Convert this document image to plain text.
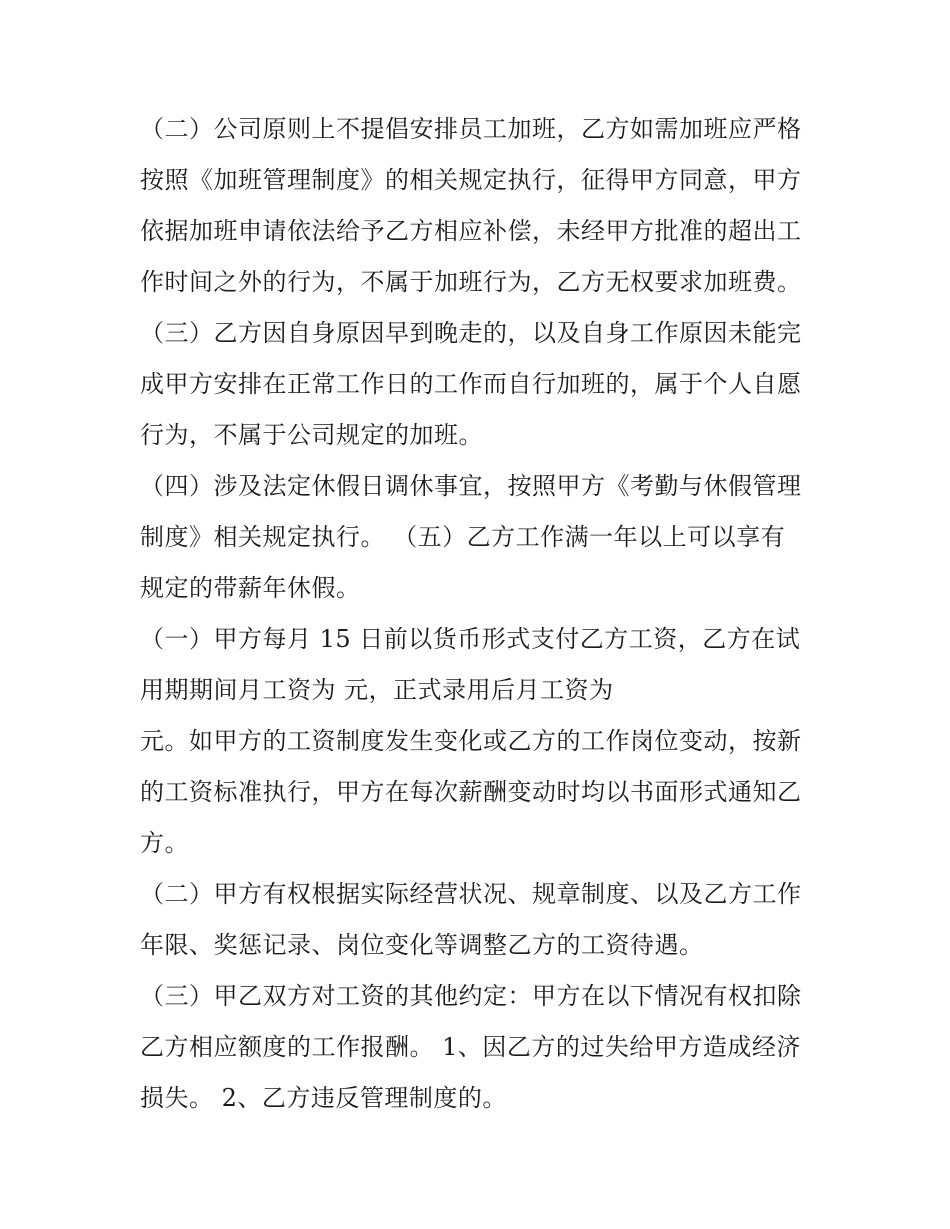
（二）公司原则上不提倡安排员工加班，乙方如需加班应严格
按照《加班管理制度》的相关规定执行，征得甲方同意，甲方
依据加班申请依法给予乙方相应补偿，未经甲方批准的超出工
作时间之外的行为，不属于加班行为，乙方无权要求加班费。
（三）乙方因自身原因早到晚走的，以及自身工作原因未能完
成甲方安排在正常工作日的工作而自行加班的，属于个人自愿
行为，不属于公司规定的加班。
（四）涉及法定休假日调休事宜，按照甲方《考勤与休假管理
制度》相关规定执行。 （五）乙方工作满一年以上可以享有
规定的带薪年休假。
（一）甲方每月 15 日前以货币形式支付乙方工资，乙方在试
用期期间月工资为 元，正式录用后月工资为
元。如甲方的工资制度发生变化或乙方的工作岗位变动，按新
的工资标准执行，甲方在每次薪酬变动时均以书面形式通知乙
方。
（二）甲方有权根据实际经营状况、规章制度、以及乙方工作
年限、奖惩记录、岗位变化等调整乙方的工资待遇。
（三）甲乙双方对工资的其他约定：甲方在以下情况有权扣除
乙方相应额度的工作报酬。 1、因乙方的过失给甲方造成经济
损失。 2、乙方违反管理制度的。
